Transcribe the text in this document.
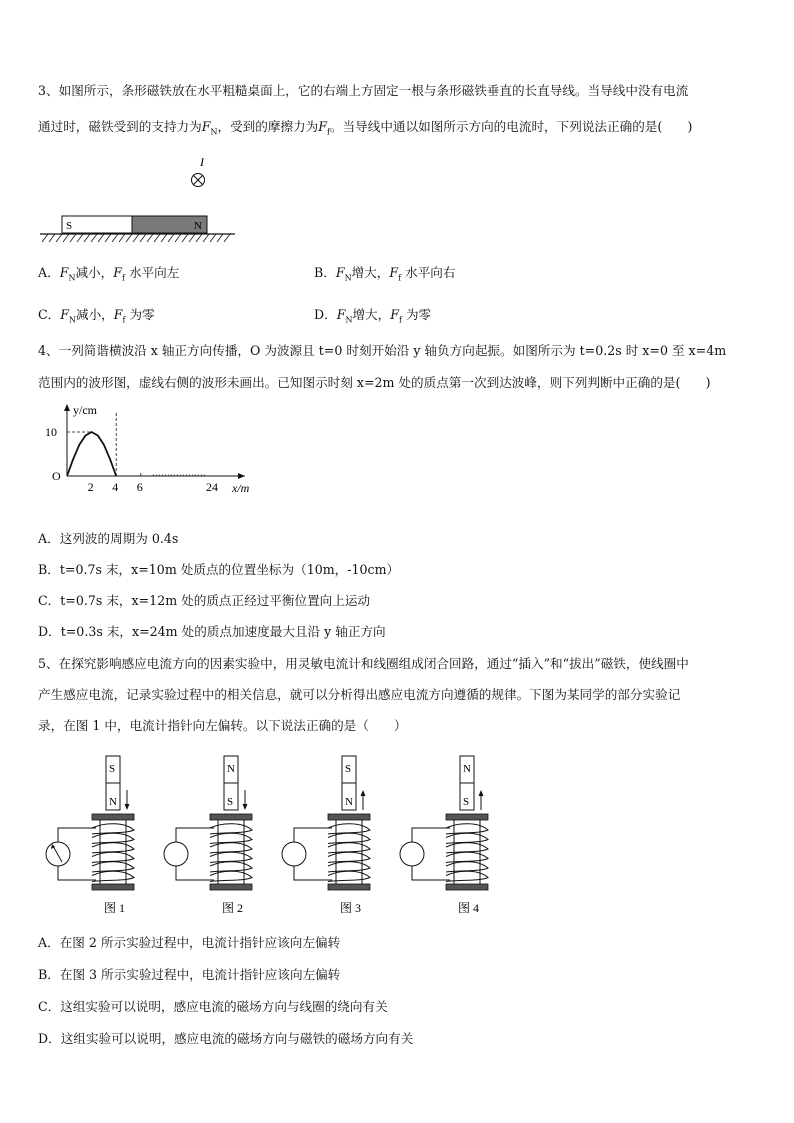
3、如图所示，条形磁铁放在水平粗糙桌面上，它的右端上方固定一根与条形磁铁垂直的长直导线。当导线中没有电流
通过时，磁铁受到的支持力为$F_N$，受到的摩擦力为$F_f$。当导线中通以如图所示方向的电流时，下列说法正确的是(　　)
I
S	N
A．$F_N$减小，$F_f$ 水平向左	B．$F_N$增大，$F_f$ 水平向右
C．$F_N$减小，$F_f$ 为零	D．$F_N$增大，$F_f$ 为零
4、一列简谐横波沿 x 轴正方向传播，O 为波源且 t=0 时刻开始沿 y 轴负方向起振。如图所示为 t=0.2s 时 x=0 至 x=4m
范围内的波形图，虚线右侧的波形未画出。已知图示时刻 x=2m 处的质点第一次到达波峰，则下列判断中正确的是(　　)
y/cm
x/m
O
10
2 4 6	24
A．这列波的周期为 0.4s
B．t=0.7s 末，x=10m 处质点的位置坐标为（10m，-10cm）
C．t=0.7s 末，x=12m 处的质点正经过平衡位置向上运动
D．t=0.3s 末，x=24m 处的质点加速度最大且沿 y 轴正方向
5、在探究影响感应电流方向的因素实验中，用灵敏电流计和线圈组成闭合回路，通过“插入”和“拔出”磁铁，使线圈中
产生感应电流，记录实验过程中的相关信息，就可以分析得出感应电流方向遵循的规律。下图为某同学的部分实验记
录，在图 1 中，电流计指针向左偏转。以下说法正确的是（　　）
S
N
图 1
N
S
图 2
S
N
图 3
N
S
图 4
A．在图 2 所示实验过程中，电流计指针应该向左偏转
B．在图 3 所示实验过程中，电流计指针应该向左偏转
C．这组实验可以说明，感应电流的磁场方向与线圈的绕向有关
D．这组实验可以说明，感应电流的磁场方向与磁铁的磁场方向有关
